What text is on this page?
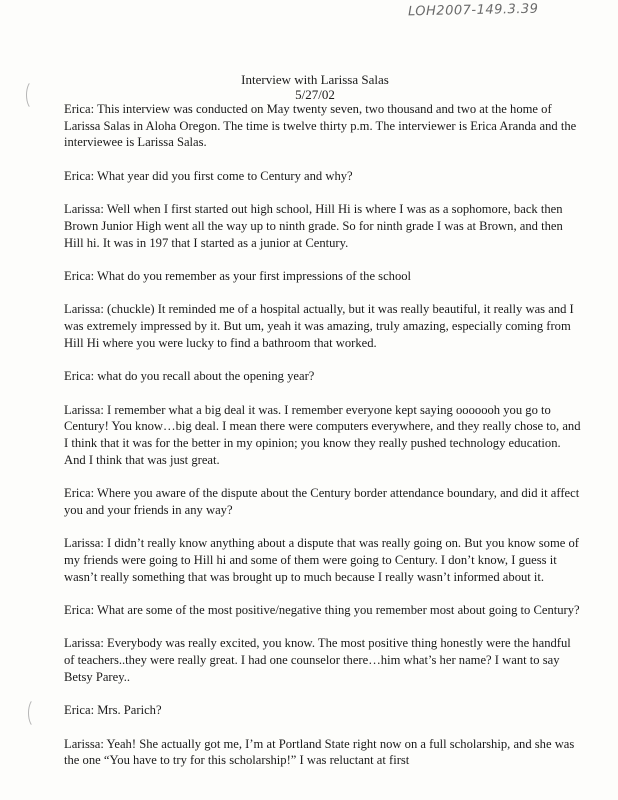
LOH2007-149.3.39
Interview with Larissa Salas
5/27/02

Erica: This interview was conducted on May twenty seven, two thousand and two at the home of Larissa Salas in Aloha Oregon. The time is twelve thirty p.m. The interviewer is Erica Aranda and the interviewee is Larissa Salas.

Erica: What year did you first come to Century and why?

Larissa: Well when I first started out high school, Hill Hi is where I was as a sophomore, back then Brown Junior High went all the way up to ninth grade. So for ninth grade I was at Brown, and then Hill hi. It was in 197 that I started as a junior at Century.

Erica: What do you remember as your first impressions of the school

Larissa: (chuckle) It reminded me of a hospital actually, but it was really beautiful, it really was and I was extremely impressed by it. But um, yeah it was amazing, truly amazing, especially coming from Hill Hi where you were lucky to find a bathroom that worked.

Erica: what do you recall about the opening year?

Larissa: I remember what a big deal it was. I remember everyone kept saying ooooooh you go to Century! You know…big deal. I mean there were computers everywhere, and they really chose to, and I think that it was for the better in my opinion; you know they really pushed technology education. And I think that was just great.

Erica: Where you aware of the dispute about the Century border attendance boundary, and did it affect you and your friends in any way?

Larissa: I didn’t really know anything about a dispute that was really going on. But you know some of my friends were going to Hill hi and some of them were going to Century. I don’t know, I guess it wasn’t really something that was brought up to much because I really wasn’t informed about it.

Erica: What are some of the most positive/negative thing you remember most about going to Century?

Larissa: Everybody was really excited, you know. The most positive thing honestly were the handful of teachers..they were really great. I had one counselor there…him what’s her name? I want to say Betsy Parey..

Erica: Mrs. Parich?

Larissa: Yeah! She actually got me, I’m at Portland State right now on a full scholarship, and she was the one “You have to try for this scholarship!” I was reluctant at first
